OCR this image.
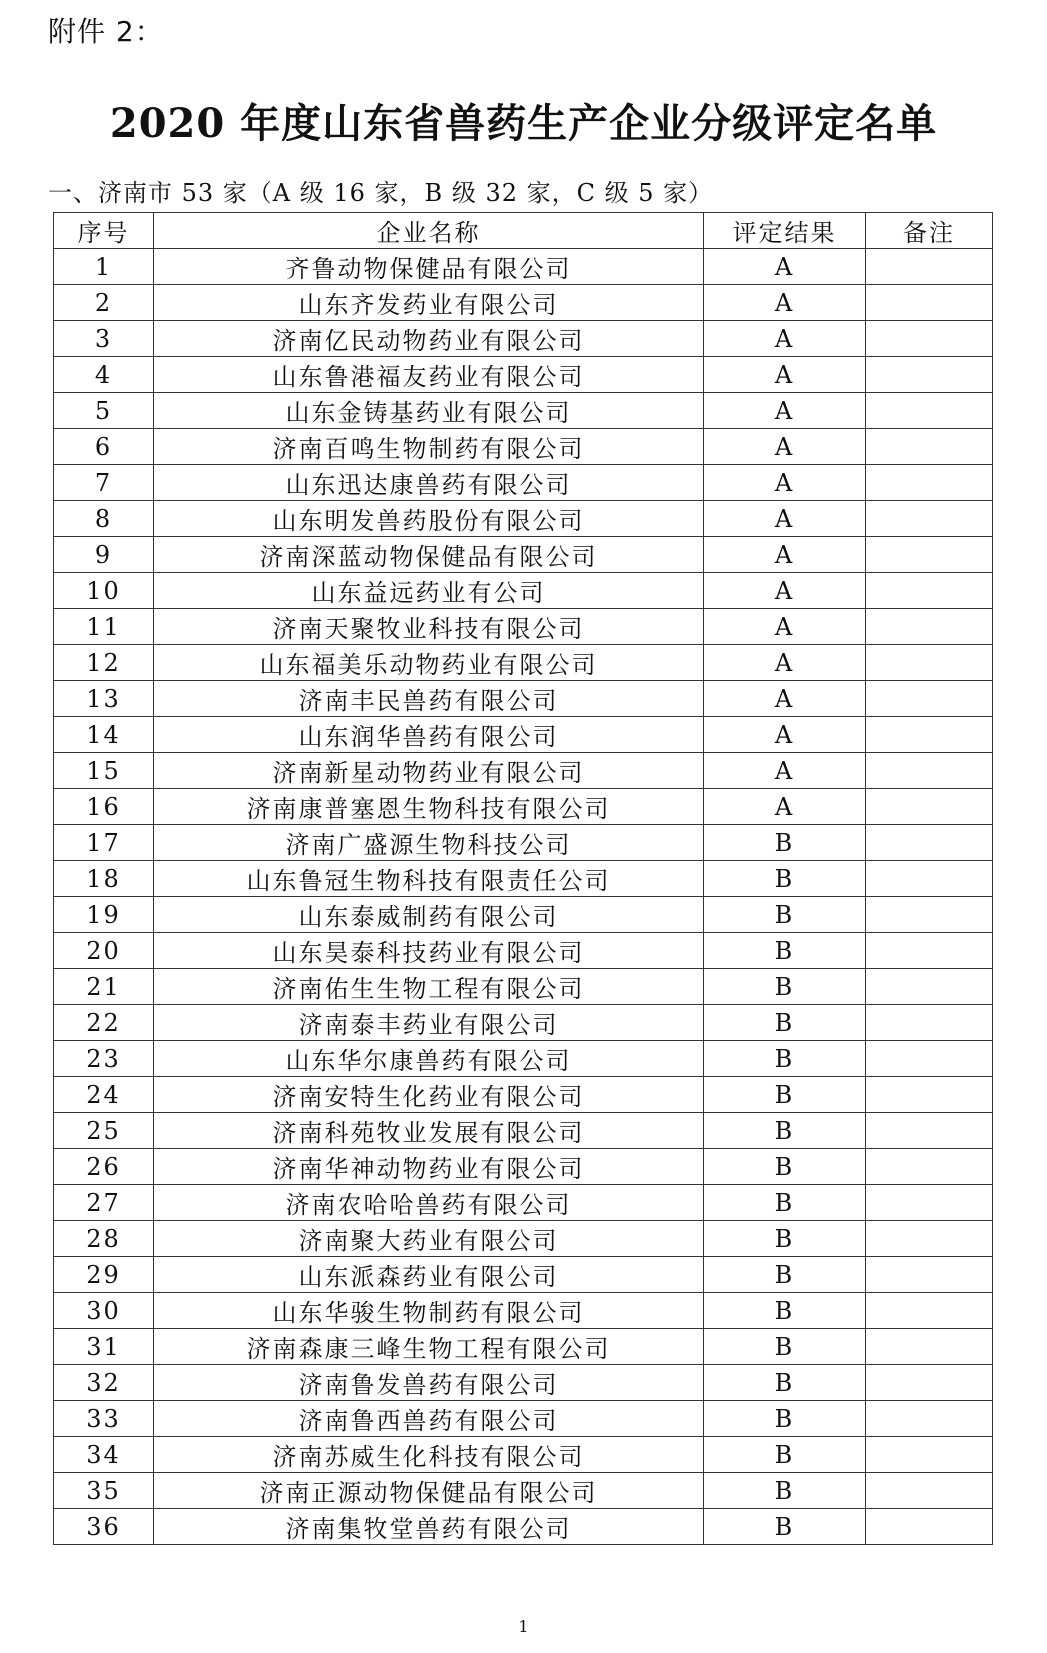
附件 2：
2020 年度山东省兽药生产企业分级评定名单
一、济南市 53 家（A 级 16 家，B 级 32 家，C 级 5 家）
序号	企业名称	评定结果	备注
1	齐鲁动物保健品有限公司	A	
2	山东齐发药业有限公司	A	
3	济南亿民动物药业有限公司	A	
4	山东鲁港福友药业有限公司	A	
5	山东金铸基药业有限公司	A	
6	济南百鸣生物制药有限公司	A	
7	山东迅达康兽药有限公司	A	
8	山东明发兽药股份有限公司	A	
9	济南深蓝动物保健品有限公司	A	
10	山东益远药业有公司	A	
11	济南天聚牧业科技有限公司	A	
12	山东福美乐动物药业有限公司	A	
13	济南丰民兽药有限公司	A	
14	山东润华兽药有限公司	A	
15	济南新星动物药业有限公司	A	
16	济南康普塞恩生物科技有限公司	A	
17	济南广盛源生物科技公司	B	
18	山东鲁冠生物科技有限责任公司	B	
19	山东泰威制药有限公司	B	
20	山东昊泰科技药业有限公司	B	
21	济南佑生生物工程有限公司	B	
22	济南泰丰药业有限公司	B	
23	山东华尔康兽药有限公司	B	
24	济南安特生化药业有限公司	B	
25	济南科苑牧业发展有限公司	B	
26	济南华神动物药业有限公司	B	
27	济南农哈哈兽药有限公司	B	
28	济南聚大药业有限公司	B	
29	山东派森药业有限公司	B	
30	山东华骏生物制药有限公司	B	
31	济南森康三峰生物工程有限公司	B	
32	济南鲁发兽药有限公司	B	
33	济南鲁西兽药有限公司	B	
34	济南苏威生化科技有限公司	B	
35	济南正源动物保健品有限公司	B	
36	济南集牧堂兽药有限公司	B	
1
